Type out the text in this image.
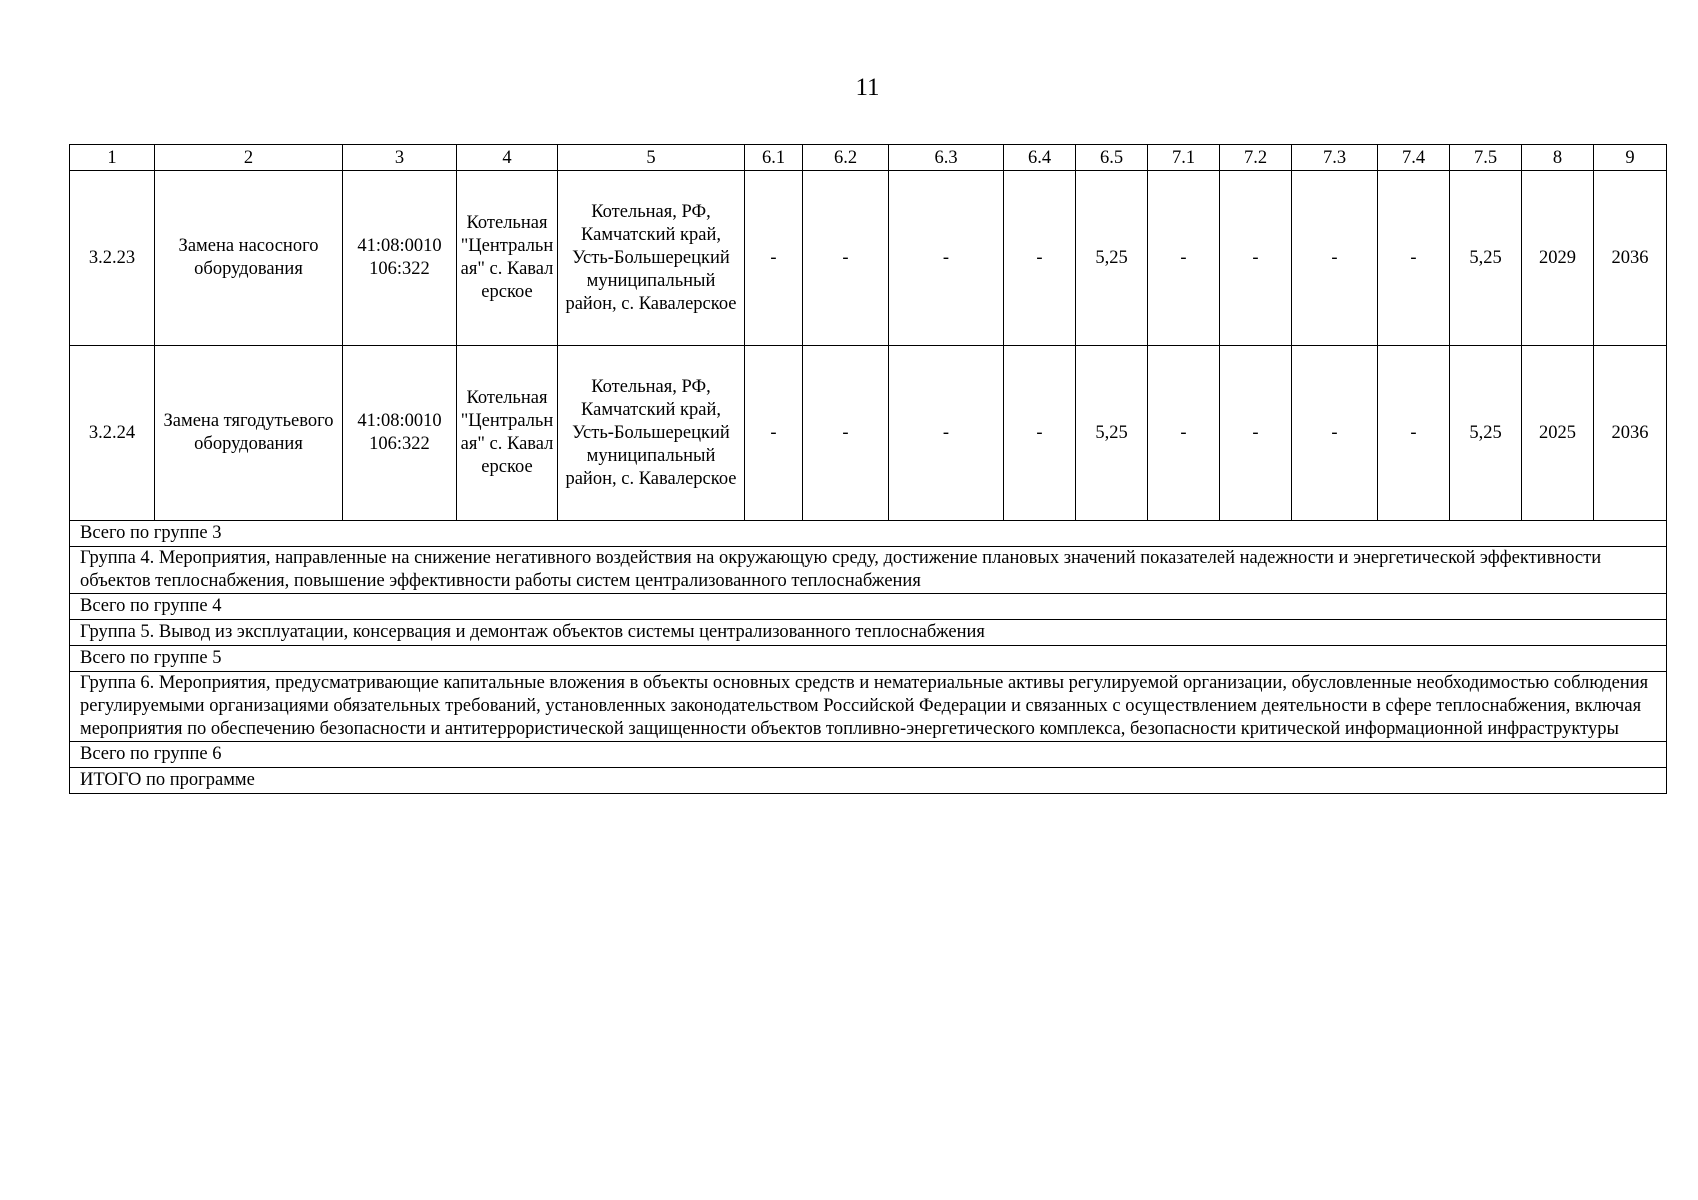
11
1	2	3	4	5	6.1	6.2	6.3	6.4	6.5	7.1	7.2	7.3	7.4	7.5	8	9
3.2.23	Замена насосного оборудования	41:08:0010 106:322	Котельная "Центральная" с. Кавалерское	Котельная, РФ, Камчатский край, Усть-Большерецкий муниципальный район, с. Кавалерское	-	-	-	-	5,25	-	-	-	-	5,25	2029	2036
3.2.24	Замена тягодутьевого оборудования	41:08:0010 106:322	Котельная "Центральная" с. Кавалерское	Котельная, РФ, Камчатский край, Усть-Большерецкий муниципальный район, с. Кавалерское	-	-	-	-	5,25	-	-	-	-	5,25	2025	2036
Всего по группе 3																
Группа 4. Мероприятия, направленные на снижение негативного воздействия на окружающую среду, достижение плановых значений показателей надежности и энергетической эффективности объектов теплоснабжения, повышение эффективности работы систем централизованного теплоснабжения																
Всего по группе 4																
Группа 5. Вывод из эксплуатации, консервация и демонтаж объектов системы централизованного теплоснабжения																
Всего по группе 5																
Группа 6. Мероприятия, предусматривающие капитальные вложения в объекты основных средств и нематериальные активы регулируемой организации, обусловленные необходимостью соблюдения регулируемыми организациями обязательных требований, установленных законодательством Российской Федерации и связанных с осуществлением деятельности в сфере теплоснабжения, включая мероприятия по обеспечению безопасности и антитеррористической защищенности объектов топливно-энергетического комплекса, безопасности критической информационной инфраструктуры																
Всего по группе 6																
ИТОГО по программе																
